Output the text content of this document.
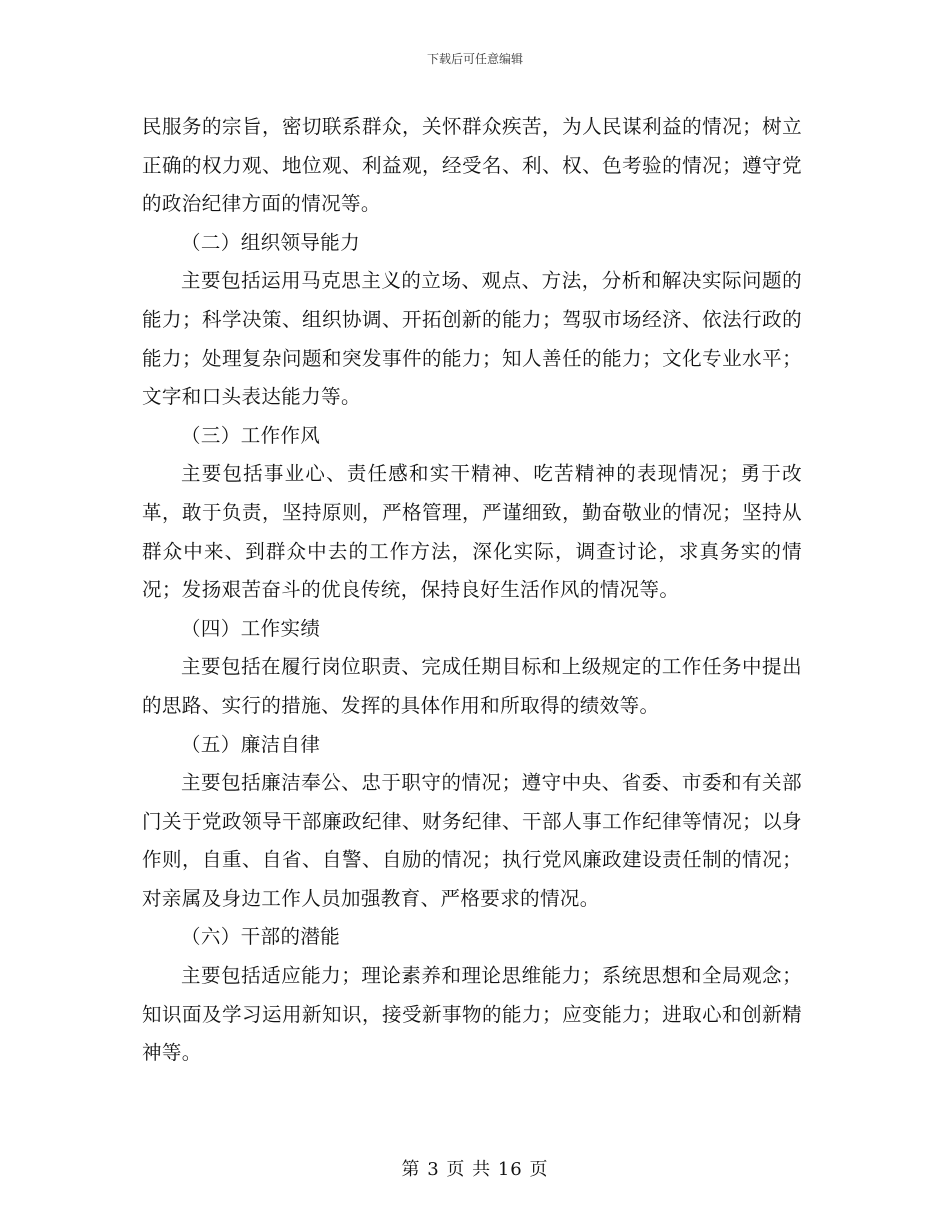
下载后可任意编辑

民服务的宗旨，密切联系群众，关怀群众疾苦，为人民谋利益的情况；树立正确的权力观、地位观、利益观，经受名、利、权、色考验的情况；遵守党的政治纪律方面的情况等。

（二）组织领导能力

主要包括运用马克思主义的立场、观点、方法，分析和解决实际问题的能力；科学决策、组织协调、开拓创新的能力；驾驭市场经济、依法行政的能力；处理复杂问题和突发事件的能力；知人善任的能力；文化专业水平；文字和口头表达能力等。

（三）工作作风

主要包括事业心、责任感和实干精神、吃苦精神的表现情况；勇于改革，敢于负责，坚持原则，严格管理，严谨细致，勤奋敬业的情况；坚持从群众中来、到群众中去的工作方法，深化实际，调查讨论，求真务实的情况；发扬艰苦奋斗的优良传统，保持良好生活作风的情况等。

（四）工作实绩

主要包括在履行岗位职责、完成任期目标和上级规定的工作任务中提出的思路、实行的措施、发挥的具体作用和所取得的绩效等。

（五）廉洁自律

主要包括廉洁奉公、忠于职守的情况；遵守中央、省委、市委和有关部门关于党政领导干部廉政纪律、财务纪律、干部人事工作纪律等情况；以身作则，自重、自省、自警、自励的情况；执行党风廉政建设责任制的情况；对亲属及身边工作人员加强教育、严格要求的情况。

（六）干部的潜能

主要包括适应能力；理论素养和理论思维能力；系统思想和全局观念；知识面及学习运用新知识，接受新事物的能力；应变能力；进取心和创新精神等。

第 3 页 共 16 页
